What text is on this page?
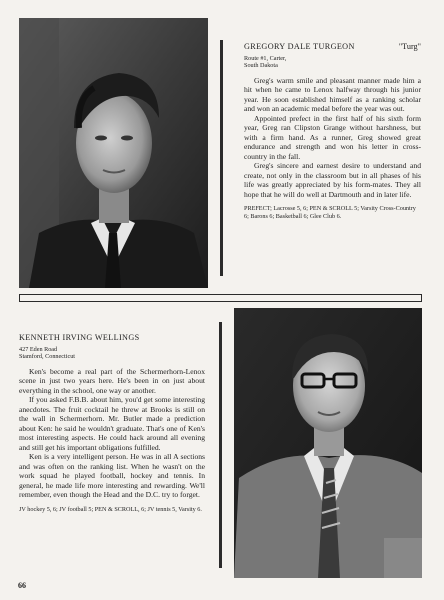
GREGORY DALE TURGEON	"Turg"
Route #1, Carter,
South Dakota

Greg's warm smile and pleasant manner made him a hit when he came to Lenox halfway through his junior year. He soon established himself as a ranking scholar and won an academic medal before the year was out.

Appointed prefect in the first half of his sixth form year, Greg ran Clipston Grange without harshness, but with a firm hand. As a runner, Greg showed great endurance and strength and won his letter in cross-country in the fall.

Greg's sincere and earnest desire to understand and create, not only in the classroom but in all phases of his life was greatly appreciated by his form-mates. They all hope that he will do well at Dartmouth and in later life.

PREFECT; Lacrosse 5, 6; PEN & SCROLL 5; Varsity Cross-Country 6; Barons 6; Basketball 6; Glee Club 6.
KENNETH IRVING WELLINGS
427 Eden Road
Stamford, Connecticut

Ken's become a real part of the Schermerhorn-Lenox scene in just two years here. He's been in on just about everything in the school, one way or another.

If you asked F.B.B. about him, you'd get some interesting anecdotes. The fruit cocktail he threw at Brooks is still on the wall in Schermerhorn. Mr. Butler made a prediction about Ken: he said he wouldn't graduate. That's one of Ken's most interesting aspects. He could hack around all evening and still get his important obligations fulfilled.

Ken is a very intelligent person. He was in all A sections and was often on the ranking list. When he wasn't on the work squad he played football, hockey and tennis. In general, he made life more interesting and rewarding. We'll remember, even though the Head and the D.C. try to forget.

JV hockey 5, 6; JV football 5; PEN & SCROLL, 6; JV tennis 5, Varsity 6.
66
